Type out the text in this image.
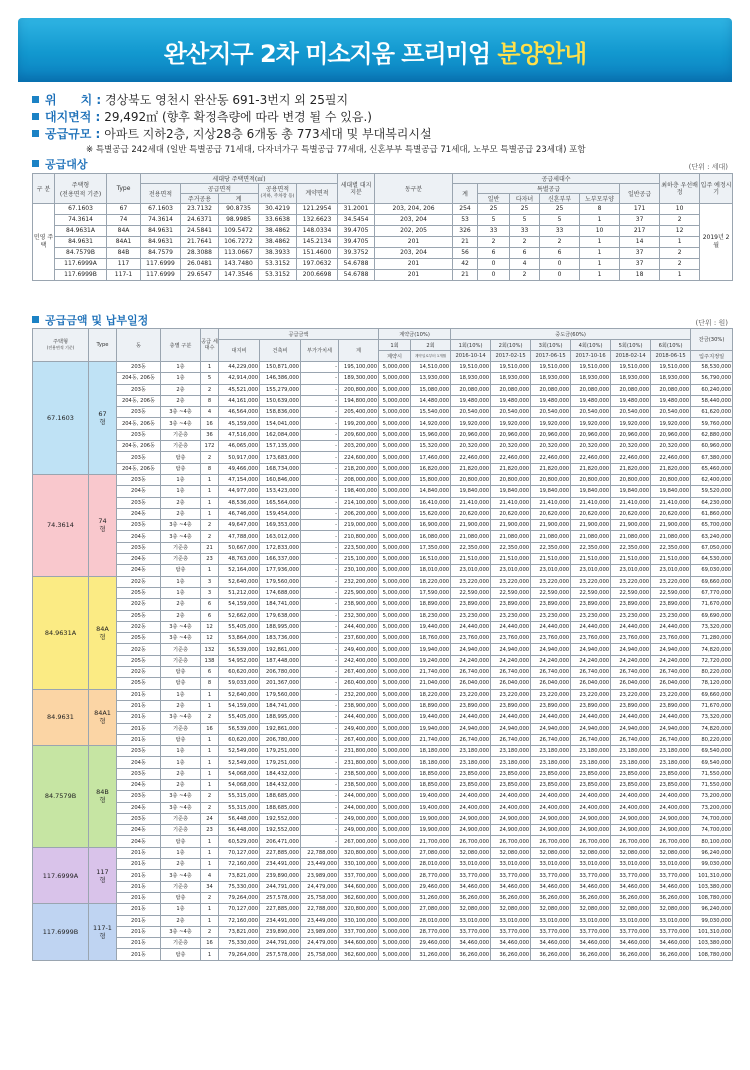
완산지구 2차 미소지움 프리미엄 분양안내
위　　치 : 경상북도 영천시 완산동 691-3번지 외 25필지
대지면적 : 29,492㎡ (향후 확정측량에 따라 변경 될 수 있음.)
공급규모 : 아파트 지하2층, 지상28층 6개동 총 773세대 및 부대복리시설
※ 특별공급 242세대 (일반 특별공급 71세대, 다자녀가구 특별공급 77세대, 신혼부부 특별공급 71세대, 노부모 특별공급 23세대) 포함
공급대상	(단위 : 세대)
구 분	주택형
(전용면적 기준)	Type	세대당 주택면적(㎡)					세대별 대지지분	동구분	공급세대수						최하층 우선배정	입주 예정시기
			전용면적	공급면적		공용면적
(지하, 주차장 등)	계약면적			계	특별공급				일반공급		
				주거공용	계						일반	다자녀	신혼부부	노부모부양			
민영 주택	67.1603	67	67.1603	23.7132	90.8735	30.4219	121.2954	31.2001	203, 204, 206	254	25	25	25	8	171	10	2019년 2월
	74.3614	74	74.3614	24.6371	98.9985	33.6638	132.6623	34.5454	203, 204	53	5	5	5	1	37	2	
	84.9631A	84A	84.9631	24.5841	109.5472	38.4862	148.0334	39.4705	202, 205	326	33	33	33	10	217	12	
	84.9631	84A1	84.9631	21.7641	106.7272	38.4862	145.2134	39.4705	201	21	2	2	2	1	14	1	
	84.7579B	84B	84.7579	28.3088	113.0667	38.3933	151.4600	39.3752	203, 204	56	6	6	6	1	37	2	
	117.6999A	117	117.6999	26.0481	143.7480	53.3152	197.0632	54.6788	201	42	0	4	0	1	37	2	
	117.6999B	117-1	117.6999	29.6547	147.3546	53.3152	200.6698	54.6788	201	21	0	2	0	1	18	1	
공급금액 및 납부일정	(단위 : 원)
주택형
(전용면적 기준)	Type	동	층별 구분	공급 세대수	공급금액				계약금(10%)		중도금(60%)						잔금(30%)
					대지비	건축비	부가가치세	계	1회	2회	1회(10%)	2회(10%)	3회(10%)	4회(10%)	5회(10%)	6회(10%)	
									계약시	계약일로부터 1개월	2016-10-14	2017-02-15	2017-06-15	2017-10-16	2018-02-14	2018-06-15	입주지정일
67.1603	67
형	203동	1층	1	44,229,000	150,871,000	-	195,100,000	5,000,000	14,510,000	19,510,000	19,510,000	19,510,000	19,510,000	19,510,000	19,510,000	58,530,000
		204동, 206동	1층	5	42,914,000	146,386,000	-	189,300,000	5,000,000	13,930,000	18,930,000	18,930,000	18,930,000	18,930,000	18,930,000	18,930,000	56,790,000
		203동	2층	2	45,521,000	155,279,000	-	200,800,000	5,000,000	15,080,000	20,080,000	20,080,000	20,080,000	20,080,000	20,080,000	20,080,000	60,240,000
		204동, 206동	2층	8	44,161,000	150,639,000	-	194,800,000	5,000,000	14,480,000	19,480,000	19,480,000	19,480,000	19,480,000	19,480,000	19,480,000	58,440,000
		203동	3층 ~4층	4	46,564,000	158,836,000	-	205,400,000	5,000,000	15,540,000	20,540,000	20,540,000	20,540,000	20,540,000	20,540,000	20,540,000	61,620,000
		204동, 206동	3층 ~4층	16	45,159,000	154,041,000	-	199,200,000	5,000,000	14,920,000	19,920,000	19,920,000	19,920,000	19,920,000	19,920,000	19,920,000	59,760,000
		203동	기준층	36	47,516,000	162,084,000	-	209,600,000	5,000,000	15,960,000	20,960,000	20,960,000	20,960,000	20,960,000	20,960,000	20,960,000	62,880,000
		204동, 206동	기준층	172	46,065,000	157,135,000	-	203,200,000	5,000,000	15,320,000	20,320,000	20,320,000	20,320,000	20,320,000	20,320,000	20,320,000	60,960,000
		203동	탑층	2	50,917,000	173,683,000	-	224,600,000	5,000,000	17,460,000	22,460,000	22,460,000	22,460,000	22,460,000	22,460,000	22,460,000	67,380,000
		204동, 206동	탑층	8	49,466,000	168,734,000	-	218,200,000	5,000,000	16,820,000	21,820,000	21,820,000	21,820,000	21,820,000	21,820,000	21,820,000	65,460,000
74.3614	74
형	203동	1층	1	47,154,000	160,846,000	-	208,000,000	5,000,000	15,800,000	20,800,000	20,800,000	20,800,000	20,800,000	20,800,000	20,800,000	62,400,000
		204동	1층	1	44,977,000	153,423,000	-	198,400,000	5,000,000	14,840,000	19,840,000	19,840,000	19,840,000	19,840,000	19,840,000	19,840,000	59,520,000
		203동	2층	1	48,536,000	165,564,000	-	214,100,000	5,000,000	16,410,000	21,410,000	21,410,000	21,410,000	21,410,000	21,410,000	21,410,000	64,230,000
		204동	2층	1	46,746,000	159,454,000	-	206,200,000	5,000,000	15,620,000	20,620,000	20,620,000	20,620,000	20,620,000	20,620,000	20,620,000	61,860,000
		203동	3층 ~4층	2	49,647,000	169,353,000	-	219,000,000	5,000,000	16,900,000	21,900,000	21,900,000	21,900,000	21,900,000	21,900,000	21,900,000	65,700,000
		204동	3층 ~4층	2	47,788,000	163,012,000	-	210,800,000	5,000,000	16,080,000	21,080,000	21,080,000	21,080,000	21,080,000	21,080,000	21,080,000	63,240,000
		203동	기준층	21	50,667,000	172,833,000	-	223,500,000	5,000,000	17,350,000	22,350,000	22,350,000	22,350,000	22,350,000	22,350,000	22,350,000	67,050,000
		204동	기준층	23	48,763,000	166,337,000	-	215,100,000	5,000,000	16,510,000	21,510,000	21,510,000	21,510,000	21,510,000	21,510,000	21,510,000	64,530,000
		204동	탑층	1	52,164,000	177,936,000	-	230,100,000	5,000,000	18,010,000	23,010,000	23,010,000	23,010,000	23,010,000	23,010,000	23,010,000	69,030,000
84.9631A	84A
형	202동	1층	3	52,640,000	179,560,000	-	232,200,000	5,000,000	18,220,000	23,220,000	23,220,000	23,220,000	23,220,000	23,220,000	23,220,000	69,660,000
		205동	1층	3	51,212,000	174,688,000	-	225,900,000	5,000,000	17,590,000	22,590,000	22,590,000	22,590,000	22,590,000	22,590,000	22,590,000	67,770,000
		202동	2층	6	54,159,000	184,741,000	-	238,900,000	5,000,000	18,890,000	23,890,000	23,890,000	23,890,000	23,890,000	23,890,000	23,890,000	71,670,000
		205동	2층	6	52,662,000	179,638,000	-	232,300,000	5,000,000	18,230,000	23,230,000	23,230,000	23,230,000	23,230,000	23,230,000	23,230,000	69,690,000
		202동	3층 ~4층	12	55,405,000	188,995,000	-	244,400,000	5,000,000	19,440,000	24,440,000	24,440,000	24,440,000	24,440,000	24,440,000	24,440,000	73,320,000
		205동	3층 ~4층	12	53,864,000	183,736,000	-	237,600,000	5,000,000	18,760,000	23,760,000	23,760,000	23,760,000	23,760,000	23,760,000	23,760,000	71,280,000
		202동	기준층	132	56,539,000	192,861,000	-	249,400,000	5,000,000	19,940,000	24,940,000	24,940,000	24,940,000	24,940,000	24,940,000	24,940,000	74,820,000
		205동	기준층	138	54,952,000	187,448,000	-	242,400,000	5,000,000	19,240,000	24,240,000	24,240,000	24,240,000	24,240,000	24,240,000	24,240,000	72,720,000
		202동	탑층	6	60,620,000	206,780,000	-	267,400,000	5,000,000	21,740,000	26,740,000	26,740,000	26,740,000	26,740,000	26,740,000	26,740,000	80,220,000
		205동	탑층	8	59,033,000	201,367,000	-	260,400,000	5,000,000	21,040,000	26,040,000	26,040,000	26,040,000	26,040,000	26,040,000	26,040,000	78,120,000
84.9631	84A1
형	201동	1층	1	52,640,000	179,560,000	-	232,200,000	5,000,000	18,220,000	23,220,000	23,220,000	23,220,000	23,220,000	23,220,000	23,220,000	69,660,000
		201동	2층	1	54,159,000	184,741,000	-	238,900,000	5,000,000	18,890,000	23,890,000	23,890,000	23,890,000	23,890,000	23,890,000	23,890,000	71,670,000
		201동	3층 ~4층	2	55,405,000	188,995,000	-	244,400,000	5,000,000	19,440,000	24,440,000	24,440,000	24,440,000	24,440,000	24,440,000	24,440,000	73,320,000
		201동	기준층	16	56,539,000	192,861,000	-	249,400,000	5,000,000	19,940,000	24,940,000	24,940,000	24,940,000	24,940,000	24,940,000	24,940,000	74,820,000
		201동	탑층	1	60,620,000	206,780,000	-	267,400,000	5,000,000	21,740,000	26,740,000	26,740,000	26,740,000	26,740,000	26,740,000	26,740,000	80,220,000
84.7579B	84B
형	203동	1층	1	52,549,000	179,251,000	-	231,800,000	5,000,000	18,180,000	23,180,000	23,180,000	23,180,000	23,180,000	23,180,000	23,180,000	69,540,000
		204동	1층	1	52,549,000	179,251,000	-	231,800,000	5,000,000	18,180,000	23,180,000	23,180,000	23,180,000	23,180,000	23,180,000	23,180,000	69,540,000
		203동	2층	1	54,068,000	184,432,000	-	238,500,000	5,000,000	18,850,000	23,850,000	23,850,000	23,850,000	23,850,000	23,850,000	23,850,000	71,550,000
		204동	2층	1	54,068,000	184,432,000	-	238,500,000	5,000,000	18,850,000	23,850,000	23,850,000	23,850,000	23,850,000	23,850,000	23,850,000	71,550,000
		203동	3층 ~4층	2	55,315,000	188,685,000	-	244,000,000	5,000,000	19,400,000	24,400,000	24,400,000	24,400,000	24,400,000	24,400,000	24,400,000	73,200,000
		204동	3층 ~4층	2	55,315,000	188,685,000	-	244,000,000	5,000,000	19,400,000	24,400,000	24,400,000	24,400,000	24,400,000	24,400,000	24,400,000	73,200,000
		203동	기준층	24	56,448,000	192,552,000	-	249,000,000	5,000,000	19,900,000	24,900,000	24,900,000	24,900,000	24,900,000	24,900,000	24,900,000	74,700,000
		204동	기준층	23	56,448,000	192,552,000	-	249,000,000	5,000,000	19,900,000	24,900,000	24,900,000	24,900,000	24,900,000	24,900,000	24,900,000	74,700,000
		204동	탑층	1	60,529,000	206,471,000	-	267,000,000	5,000,000	21,700,000	26,700,000	26,700,000	26,700,000	26,700,000	26,700,000	26,700,000	80,100,000
117.6999A	117
형	201동	1층	1	70,127,000	227,885,000	22,788,000	320,800,000	5,000,000	27,080,000	32,080,000	32,080,000	32,080,000	32,080,000	32,080,000	32,080,000	96,240,000
		201동	2층	1	72,160,000	234,491,000	23,449,000	330,100,000	5,000,000	28,010,000	33,010,000	33,010,000	33,010,000	33,010,000	33,010,000	33,010,000	99,030,000
		201동	3층 ~4층	4	73,821,000	239,890,000	23,989,000	337,700,000	5,000,000	28,770,000	33,770,000	33,770,000	33,770,000	33,770,000	33,770,000	33,770,000	101,310,000
		201동	기준층	34	75,330,000	244,791,000	24,479,000	344,600,000	5,000,000	29,460,000	34,460,000	34,460,000	34,460,000	34,460,000	34,460,000	34,460,000	103,380,000
		201동	탑층	2	79,264,000	257,578,000	25,758,000	362,600,000	5,000,000	31,260,000	36,260,000	36,260,000	36,260,000	36,260,000	36,260,000	36,260,000	108,780,000
117.6999B	117-1
형	201동	1층	1	70,127,000	227,885,000	22,788,000	320,800,000	5,000,000	27,080,000	32,080,000	32,080,000	32,080,000	32,080,000	32,080,000	32,080,000	96,240,000
		201동	2층	1	72,160,000	234,491,000	23,449,000	330,100,000	5,000,000	28,010,000	33,010,000	33,010,000	33,010,000	33,010,000	33,010,000	33,010,000	99,030,000
		201동	3층 ~4층	2	73,821,000	239,890,000	23,989,000	337,700,000	5,000,000	28,770,000	33,770,000	33,770,000	33,770,000	33,770,000	33,770,000	33,770,000	101,310,000
		201동	기준층	16	75,330,000	244,791,000	24,479,000	344,600,000	5,000,000	29,460,000	34,460,000	34,460,000	34,460,000	34,460,000	34,460,000	34,460,000	103,380,000
		201동	탑층	1	79,264,000	257,578,000	25,758,000	362,600,000	5,000,000	31,260,000	36,260,000	36,260,000	36,260,000	36,260,000	36,260,000	36,260,000	108,780,000
